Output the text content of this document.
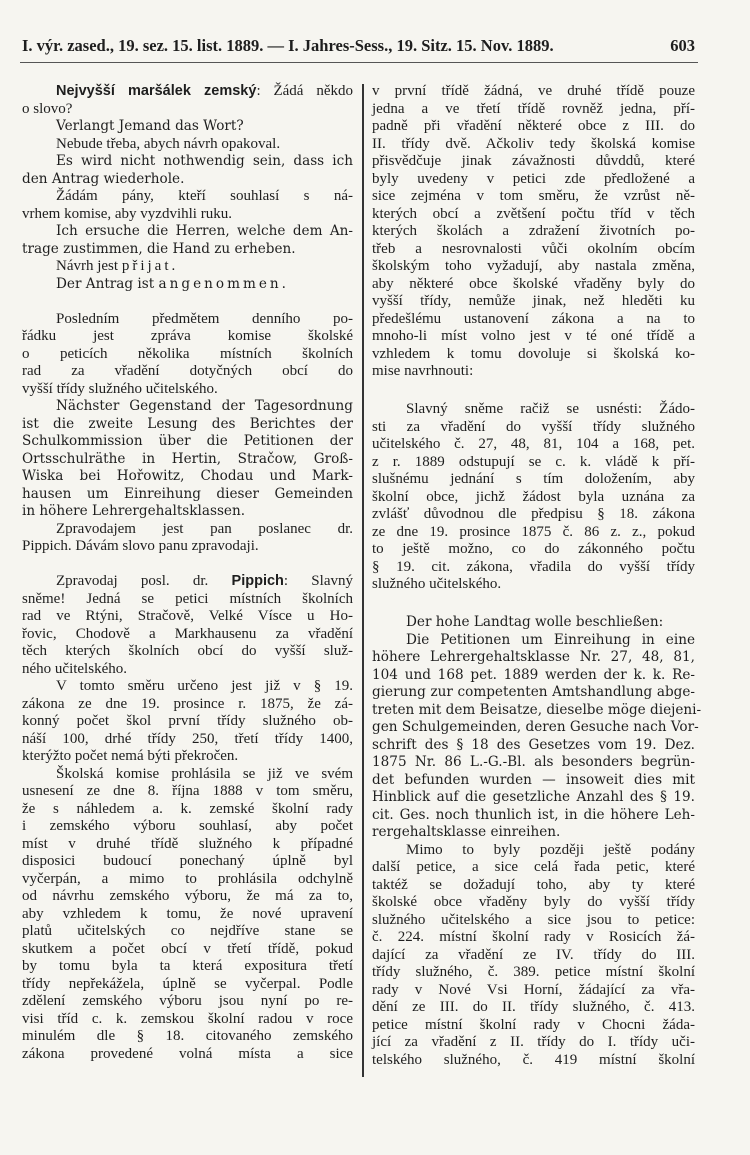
I. výr. zased., 19. sez. 15. list. 1889. — I. Jahres-Sess., 19. Sitz. 15. Nov. 1889.	603
Nejvyšší maršálek zemský: Žádá někdo
o slovo?
Verlangt Jemand das Wort?
Nebude třeba, abych návrh opakoval.
Es wird nicht nothwendig sein, dass ich
den Antrag wiederhole.
Žádám pány, kteří souhlasí s ná-
vrhem komise, aby vyzdvihli ruku.
Ich ersuche die Herren, welche dem An-
trage zustimmen, die Hand zu erheben.
Návrh jest přijat.
Der Antrag ist angenommen.
Posledním předmětem denního po-
řádku jest zpráva komise školské
o peticích několika místních školních
rad za vřadění dotyčných obcí do
vyšší třídy služného učitelského.
Nächster Gegenstand der Tagesordnung
ist die zweite Lesung des Berichtes der
Schulkommission über die Petitionen der
Ortsschulräthe in Hertin, Stračow, Groß-
Wiska bei Hořowitz, Chodau und Mark-
hausen um Einreihung dieser Gemeinden
in höhere Lehrergehaltsklassen.
Zpravodajem jest pan poslanec dr.
Pippich. Dávám slovo panu zpravodaji.
Zpravodaj posl. dr. Pippich: Slavný
sněme! Jedná se petici místních školních
rad ve Rtýni, Stračově, Velké Vísce u Ho-
řovic, Chodově a Markhausenu za vřadění
těch kterých školních obcí do vyšší služ-
ného učitelského.
V tomto směru určeno jest již v § 19.
zákona ze dne 19. prosince r. 1875, že zá-
konný počet škol první třídy služného ob-
náší 100, drhé třídy 250, třetí třídy 1400,
kterýžto počet nemá býti překročen.
Školská komise prohlásila se již ve svém
usnesení ze dne 8. října 1888 v tom směru,
že s náhledem a. k. zemské školní rady
i zemského výboru souhlasí, aby počet
míst v druhé třídě služného k případné
disposici budoucí ponechaný úplně byl
vyčerpán, a mimo to prohlásila odchylně
od návrhu zemského výboru, že má za to,
aby vzhledem k tomu, že nové upravení
platů učitelských co nejdříve stane se
skutkem a počet obcí v třetí třídě, pokud
by tomu byla ta která expositura třetí
třídy nepřekážela, úplně se vyčerpal. Podle
zdělení zemského výboru jsou nyní po re-
visi tříd c. k. zemskou školní radou v roce
minulém dle § 18. citovaného zemského
zákona provedené volná místa a sice
v první třídě žádná, ve druhé třídě pouze
jedna a ve třetí třídě rovněž jedna, pří-
padně při vřadění některé obce z III. do
II. třídy dvě. Ačkoliv tedy školská komise
přisvědčuje jinak závažnosti důvddů, které
byly uvedeny v petici zde předložené a
sice zejména v tom směru, že vzrůst ně-
kterých obcí a zvětšení počtu tříd v těch
kterých školách a zdražení životních po-
třeb a nesrovnalosti vůči okolním obcím
školským toho vyžadují, aby nastala změna,
aby některé obce školské vřaděny byly do
vyšší třídy, nemůže jinak, než hleděti ku
předešlému ustanovení zákona a na to
mnoho-li míst volno jest v té oné třídě a
vzhledem k tomu dovoluje si školská ko-
mise navrhnouti:
Slavný sněme račiž se usnésti: Žádo-
sti za vřadění do vyšší třídy služného
učitelského č. 27, 48, 81, 104 a 168, pet.
z r. 1889 odstupují se c. k. vládě k pří-
slušnému jednání s tím doložením, aby
školní obce, jichž žádost byla uznána za
zvlášť důvodnou dle předpisu § 18. zákona
ze dne 19. prosince 1875 č. 86 z. z., pokud
to ještě možno, co do zákonného počtu
§ 19. cit. zákona, vřadila do vyšší třídy
služného učitelského.
Der hohe Landtag wolle beschließen:
Die Petitionen um Einreihung in eine
höhere Lehrergehaltsklasse Nr. 27, 48, 81,
104 und 168 pet. 1889 werden der k. k. Re-
gierung zur competenten Amtshandlung abge-
treten mit dem Beisatze, dieselbe möge diejeni-
gen Schulgemeinden, deren Gesuche nach Vor-
schrift des § 18 des Gesetzes vom 19. Dez.
1875 Nr. 86 L.-G.-Bl. als besonders begrün-
det befunden wurden — insoweit dies mit
Hinblick auf die gesetzliche Anzahl des § 19.
cit. Ges. noch thunlich ist, in die höhere Leh-
rergehaltsklasse einreihen.
Mimo to byly později ještě podány
další petice, a sice celá řada petic, které
taktéž se dožadují toho, aby ty které
školské obce vřaděny byly do vyšší třídy
služného učitelského a sice jsou to petice:
č. 224. místní školní rady v Rosicích žá-
dající za vřadění ze IV. třídy do III.
třídy služného, č. 389. petice místní školní
rady v Nové Vsi Horní, žádající za vřa-
dění ze III. do II. třídy služného, č. 413.
petice místní školní rady v Chocni žáda-
jící za vřadění z II. třídy do I. třídy uči-
telského služného, č. 419 místní školní
